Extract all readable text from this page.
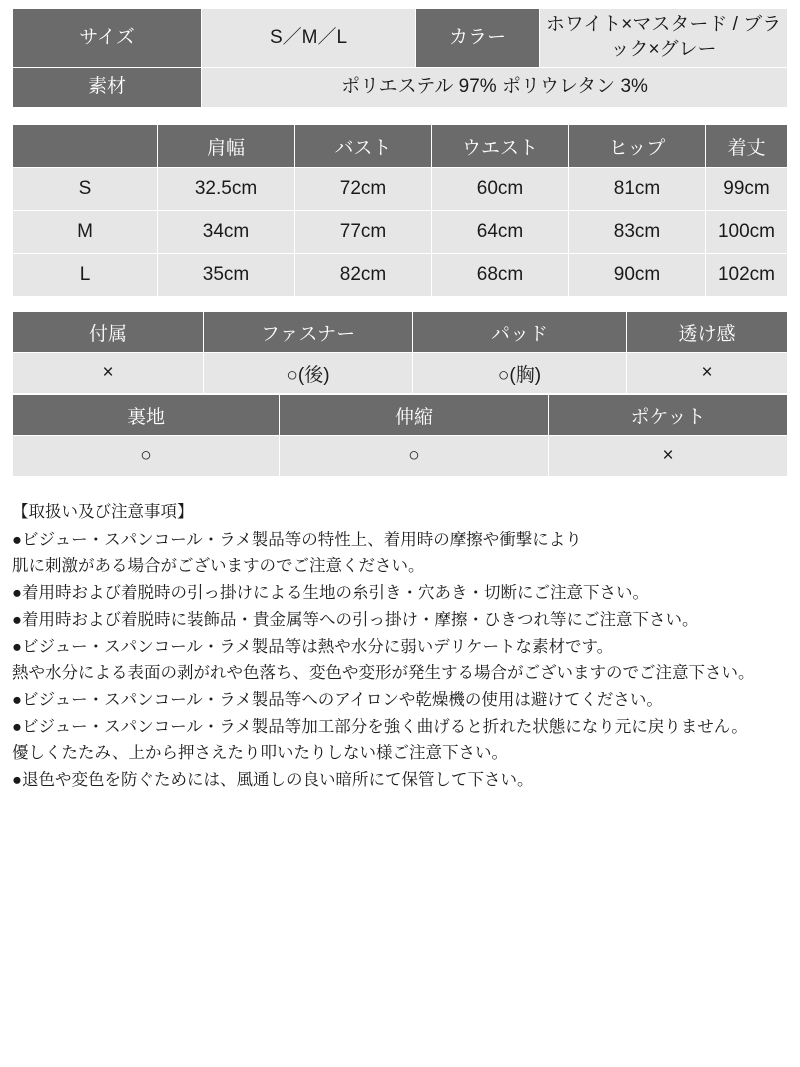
サイズ	S／M／L	カラー	ホワイト×マスタード / ブラック×グレー
素材	ポリエステル 97% ポリウレタン 3%		
	肩幅	バスト	ウエスト	ヒップ	着丈
S	32.5cm	72cm	60cm	81cm	99cm
M	34cm	77cm	64cm	83cm	100cm
L	35cm	82cm	68cm	90cm	102cm
付属	ファスナー	パッド	透け感
×	○(後)	○(胸)	×
裏地	伸縮	ポケット
○	○	×
【取扱い及び注意事項】
●ビジュー・スパンコール・ラメ製品等の特性上、着用時の摩擦や衝撃により
肌に刺激がある場合がございますのでご注意ください。
●着用時および着脱時の引っ掛けによる生地の糸引き・穴あき・切断にご注意下さい。
●着用時および着脱時に装飾品・貴金属等への引っ掛け・摩擦・ひきつれ等にご注意下さい。
●ビジュー・スパンコール・ラメ製品等は熱や水分に弱いデリケートな素材です。
熱や水分による表面の剥がれや色落ち、変色や変形が発生する場合がございますのでご注意下さい。
●ビジュー・スパンコール・ラメ製品等へのアイロンや乾燥機の使用は避けてください。
●ビジュー・スパンコール・ラメ製品等加工部分を強く曲げると折れた状態になり元に戻りません。
優しくたたみ、上から押さえたり叩いたりしない様ご注意下さい。
●退色や変色を防ぐためには、風通しの良い暗所にて保管して下さい。
